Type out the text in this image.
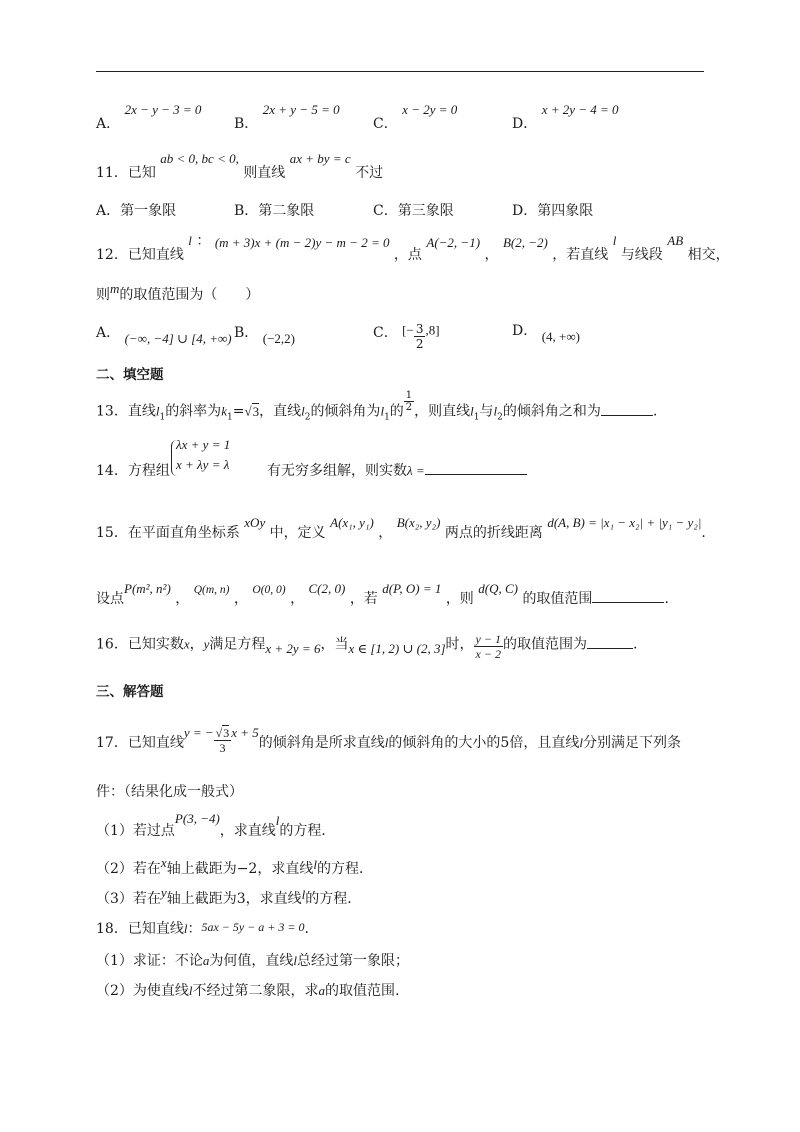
A． 2x − y − 3 = 0
B． 2x + y − 5 = 0
C． x − 2y = 0
D． x + 2y − 4 = 0
11．已知 ab < 0, bc < 0, 则直线 ax + by = c 不过
A．第一象限	B．第二象限	C．第三象限	D．第四象限
12．已知直线 l ： (m + 3)x + (m − 2)y − m − 2 = 0 ，点 A(−2, −1) ， B(2, −2) ，若直线 l 与线段 AB 相交，
则m的取值范围为（　　）
A． (−∞, −4] ∪ [4, +∞) B． (−2,2)	C． [− $\frac{3}{2} ,8$]	D． (4, +∞)
二、填空题
13．直线$l_1$的斜率为$k_1=√3$，直线$l_2$的倾斜角为$l_1$的 $\frac{1}{2}$ ，则直线$l_1$与$l_2$的倾斜角之和为	.
14．方程组
λx + y = 1
x + λy = λ	有无穷多组解，则实数λ =
15．在平面直角坐标系 xOy 中，定义 A(x₁, y₁) ， B(x₂, y₂) 两点的折线距离 d(A, B) = |x₁ − x₂| + |y₁ − y₂|.
设点P(m², n²) ， Q(m, n) ， O(0, 0) ， C(2, 0) ，若 d(P, O) = 1 ，则 d(Q, C) 的取值范围	.
16．已知实数x，y满足方程x + 2y = 6，当x ∈ [1, 2) ∪ (2, 3]时， $\frac{y - 1}{x - 2}$ 的取值范围为	.
三、解答题
17．已知直线y = − $\frac{√3}{3}$ x + 5的倾斜角是所求直线l的倾斜角的大小的5倍，且直线l分别满足下列条
件：（结果化成一般式）
（1）若过点P(3, −4)，求直线l的方程．
（2）若在x轴上截距为−2，求直线l的方程．
（3）若在y轴上截距为3，求直线l的方程．
18．已知直线l：5ax − 5y − a + 3 = 0.
（1）求证：不论a为何值，直线l总经过第一象限；
（2）为使直线l不经过第二象限，求a的取值范围.
